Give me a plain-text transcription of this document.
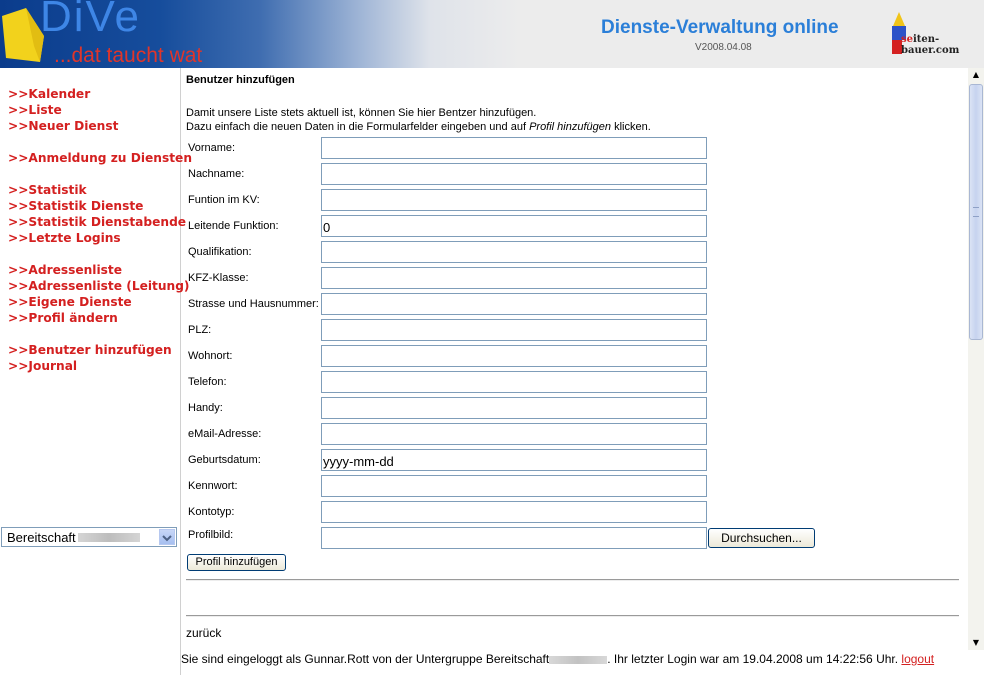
DiVe
...dat taucht wat
Dienste-Verwaltung online
V2008.04.08
seiten-bauer.com
>>Kalender
>>Liste
>>Neuer Dienst
>>Anmeldung zu Diensten
>>Statistik
>>Statistik Dienste
>>Statistik Dienstabende
>>Letzte Logins
>>Adressenliste
>>Adressenliste (Leitung)
>>Eigene Dienste
>>Profil ändern
>>Benutzer hinzufügen
>>Journal
Bereitschaft
Benutzer hinzufügen
Damit unsere Liste stets aktuell ist, können Sie hier Bentzer hinzufügen.
Dazu einfach die neuen Daten in die Formularfelder eingeben und auf Profil hinzufügen klicken.
Vorname:
Nachname:
Funtion im KV:
Leitende Funktion:
0
Qualifikation:
KFZ-Klasse:
Strasse und Hausnummer:
PLZ:
Wohnort:
Telefon:
Handy:
eMail-Adresse:
Geburtsdatum:
yyyy-mm-dd
Kennwort:
Kontotyp:
Profilbild:	Durchsuchen...
Profil hinzufügen
zurück
Sie sind eingeloggt als Gunnar.Rott von der Untergruppe Bereitschaft	. Ihr letzter Login war am 19.04.2008 um 14:22:56 Uhr. logout
▲
▼
